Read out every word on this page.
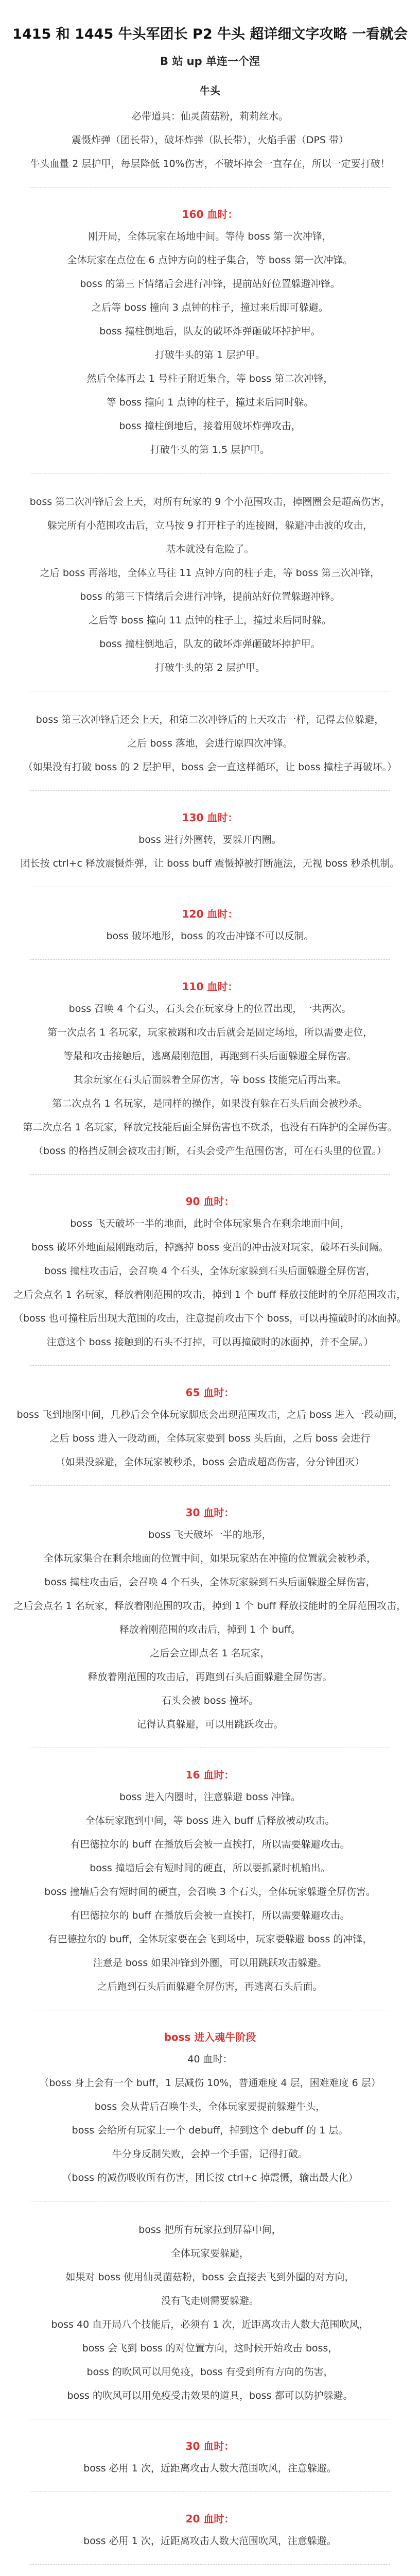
1415 和 1445 牛头军团长 P2 牛头 超详细文字攻略 一看就会
B 站 up 单连一个涅
牛头

必带道具：仙灵菌菇粉，莉莉丝水。

震慑炸弹（团长带），破坏炸弹（队长带），火焰手雷（DPS 带）

牛头血量 2 层护甲，每层降低 10%伤害，不破坏掉会一直存在，所以一定要打破！

160 血时：

刚开局，全体玩家在场地中间。等待 boss 第一次冲锋，

全体玩家在点位在 6 点钟方向的柱子集合，等 boss 第一次冲锋。

boss 的第三下情绪后会进行冲锋，提前站好位置躲避冲锋。

之后等 boss 撞向 3 点钟的柱子，撞过来后即可躲避。

boss 撞柱倒地后，队友的破坏炸弹砸破坏掉护甲。

打破牛头的第 1 层护甲。

然后全体再去 1 号柱子附近集合，等 boss 第二次冲锋，

等 boss 撞向 1 点钟的柱子，撞过来后同时躲。

boss 撞柱倒地后，接着用破坏炸弹攻击，

打破牛头的第 1.5 层护甲。

boss 第二次冲锋后会上天，对所有玩家的 9 个小范围攻击，掉圈圈会是超高伤害，

躲完所有小范围攻击后，立马按 9 打开柱子的连接圈，躲避冲击波的攻击，

基本就没有危险了。

之后 boss 再落地，全体立马往 11 点钟方向的柱子走，等 boss 第三次冲锋，

boss 的第三下情绪后会进行冲锋，提前站好位置躲避冲锋。

之后等 boss 撞向 11 点钟的柱子上，撞过来后同时躲。

boss 撞柱倒地后，队友的破坏炸弹砸破坏掉护甲。

打破牛头的第 2 层护甲。

boss 第三次冲锋后还会上天，和第二次冲锋后的上天攻击一样，记得去位躲避，

之后 boss 落地，会进行原四次冲锋。

（如果没有打破 boss 的 2 层护甲，boss 会一直这样循环，让 boss 撞柱子再破坏。）

130 血时：

boss 进行外圈转，要躲开内圈。

团长按 ctrl+c 释放震慑炸弹，让 boss buff 震慑掉被打断施法，无视 boss 秒杀机制。

120 血时：

boss 破坏地形，boss 的攻击冲锋不可以反制。

110 血时：

boss 召唤 4 个石头，石头会在玩家身上的位置出现，一共两次。

第一次点名 1 名玩家，玩家被踢和攻击后就会是固定场地，所以需要走位，

等最和攻击接触后，逃离最刚范围，再跑到石头后面躲避全屏伤害。

其余玩家在石头后面躲着全屏伤害，等 boss 技能完后再出来。

第二次点名 1 名玩家，是同样的操作，如果没有躲在石头后面会被秒杀。

第二次点名 1 名玩家，释放完技能后面全屏伤害也不砍杀，也没有石阵护的全屏伤害。

（boss 的格挡反制会被攻击打断，石头会受产生范围伤害，可在石头里的位置。）

90 血时：

boss 飞天破坏一半的地面，此时全体玩家集合在剩余地面中间，

boss 破坏外地面最刚跑动后，掉露掉 boss 变出的冲击波对玩家，破坏石头间隔。

boss 撞柱攻击后，会召唤 4 个石头，全体玩家躲到石头后面躲避全屏伤害，

之后会点名 1 名玩家，释放着刚范围的攻击，掉到 1 个 buff 释放技能时的全屏范围攻击，

（boss 也可撞柱后出现大范围的攻击，注意提前攻击下个 boss，可以再撞破时的冰面掉。

注意这个 boss 接触到的石头不打掉，可以再撞破时的冰面掉，并不全屏。）

65 血时：

boss 飞到地图中间，几秒后会全体玩家脚底会出现范围攻击，之后 boss 进入一段动画，

之后 boss 进入一段动画，全体玩家要到 boss 头后面，之后 boss 会进行

（如果没躲避，全体玩家被秒杀，boss 会造成超高伤害，分分钟团灭）

30 血时：

boss 飞天破坏一半的地形，

全体玩家集合在剩余地面的位置中间，如果玩家站在冲撞的位置就会被秒杀，

boss 撞柱攻击后，会召唤 4 个石头，全体玩家躲到石头后面躲避全屏伤害，

之后会点名 1 名玩家，释放着刚范围的攻击，掉到 1 个 buff 释放技能时的全屏范围攻击，

释放着刚范围的攻击后，掉到 1 个 buff。

之后会立即点名 1 名玩家，

释放着刚范围的攻击后，再跑到石头后面躲避全屏伤害。

石头会被 boss 撞坏。

记得认真躲避，可以用跳跃攻击。

16 血时：

boss 进入内圈时，注意躲避 boss 冲锋。

全体玩家跑到中间，等 boss 进入 buff 后释放被动攻击。

有巴德拉尔的 buff 在播放后会被一直挨打，所以需要躲避攻击。

boss 撞墙后会有短时间的硬直，所以要抓紧时机输出。

boss 撞墙后会有短时间的硬直，会召唤 3 个石头，全体玩家躲避全屏伤害。

有巴德拉尔的 buff 在播放后会被一直挨打，所以需要躲避攻击。

有巴德拉尔的 buff，全体玩家要在会飞到场中，玩家要躲避 boss 的冲锋，

注意是 boss 如果冲锋到外圈，可以用跳跃攻击躲避。

之后跑到石头后面躲避全屏伤害，再逃离石头后面。

boss 进入魂牛阶段

40 血时：

（boss 身上会有一个 buff，1 层减伤 10%，普通难度 4 层，困难难度 6 层）

boss 会从背后召唤牛头，全体玩家要提前躲避牛头，

boss 会给所有玩家上一个 debuff，掉到这个 debuff 的 1 层。

牛分身反制失败，会掉一个手雷，记得打破。

（boss 的减伤吸收所有伤害，团长按 ctrl+c 掉震慑，输出最大化）

boss 把所有玩家拉到屏幕中间，

全体玩家要躲避，

如果对 boss 使用仙灵菌菇粉，boss 会直接去飞到外圈的对方向，

没有飞走则需要躲避。

boss 40 血开局八个技能后，必须有 1 次，近距离攻击人数大范围吹风，

boss 会飞到 boss 的对位置方向，这时候开始攻击 boss，

boss 的吹风可以用免疫，boss 有受到所有方向的伤害，

boss 的吹风可以用免疫受击效果的道具，boss 都可以防护躲避。

30 血时：

boss 必用 1 次，近距离攻击人数大范围吹风，注意躲避。

20 血时：

boss 必用 1 次，近距离攻击人数大范围吹风，注意躲避。
